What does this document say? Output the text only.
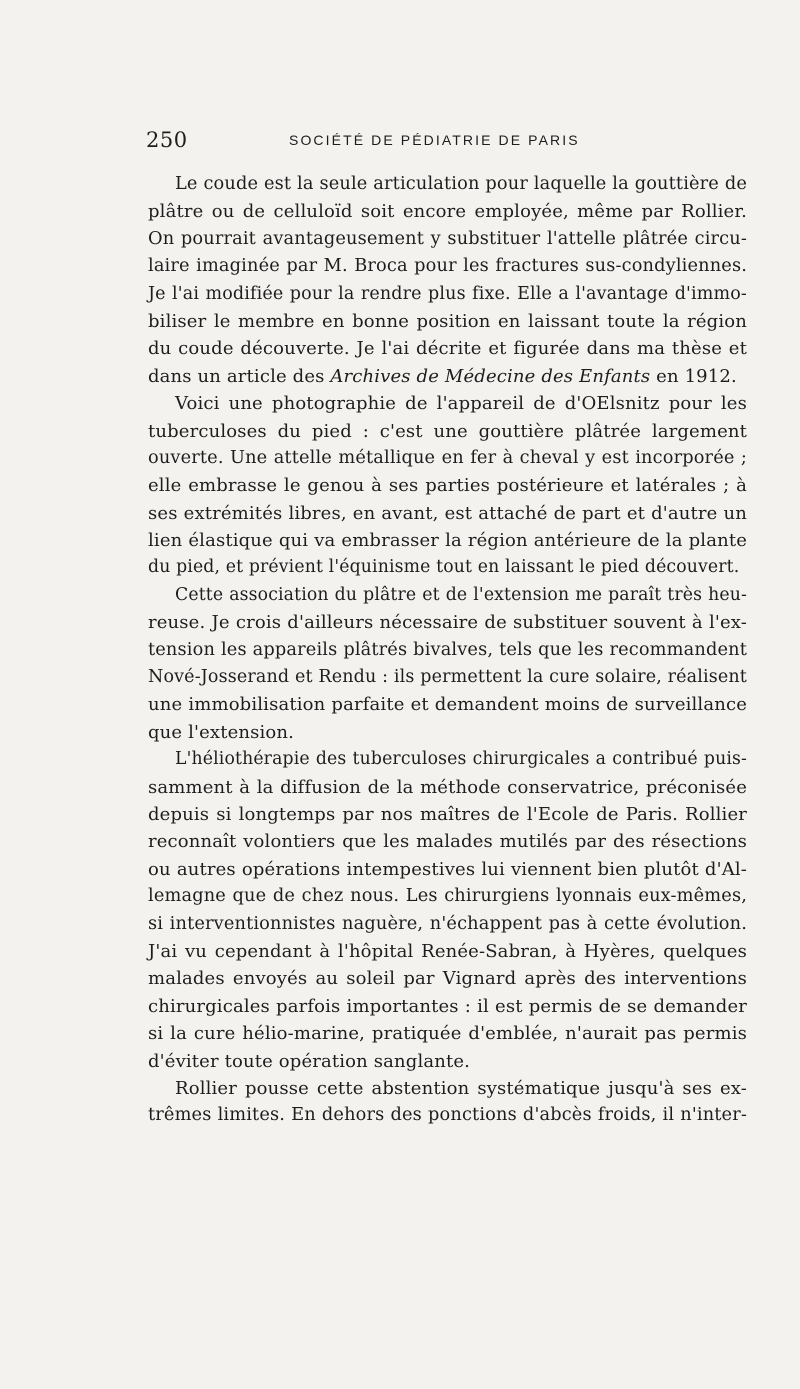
250	SOCIÉTÉ DE PÉDIATRIE DE PARIS
Le coude est la seule articulation pour laquelle la gouttière de
plâtre ou de celluloïd soit encore employée, même par Rollier.
On pourrait avantageusement y substituer l'attelle plâtrée circu-
laire imaginée par M. Broca pour les fractures sus-condyliennes.
Je l'ai modifiée pour la rendre plus fixe. Elle a l'avantage d'immo-
biliser le membre en bonne position en laissant toute la région
du coude découverte. Je l'ai décrite et figurée dans ma thèse et
dans un article des Archives de Médecine des Enfants en 1912.
Voici une photographie de l'appareil de d'OElsnitz pour les
tuberculoses du pied : c'est une gouttière plâtrée largement
ouverte. Une attelle métallique en fer à cheval y est incorporée ;
elle embrasse le genou à ses parties postérieure et latérales ; à
ses extrémités libres, en avant, est attaché de part et d'autre un
lien élastique qui va embrasser la région antérieure de la plante
du pied, et prévient l'équinisme tout en laissant le pied découvert.
Cette association du plâtre et de l'extension me paraît très heu-
reuse. Je crois d'ailleurs nécessaire de substituer souvent à l'ex-
tension les appareils plâtrés bivalves, tels que les recommandent
Nové-Josserand et Rendu : ils permettent la cure solaire, réalisent
une immobilisation parfaite et demandent moins de surveillance
que l'extension.
L'héliothérapie des tuberculoses chirurgicales a contribué puis-
samment à la diffusion de la méthode conservatrice, préconisée
depuis si longtemps par nos maîtres de l'Ecole de Paris. Rollier
reconnaît volontiers que les malades mutilés par des résections
ou autres opérations intempestives lui viennent bien plutôt d'Al-
lemagne que de chez nous. Les chirurgiens lyonnais eux-mêmes,
si interventionnistes naguère, n'échappent pas à cette évolution.
J'ai vu cependant à l'hôpital Renée-Sabran, à Hyères, quelques
malades envoyés au soleil par Vignard après des interventions
chirurgicales parfois importantes : il est permis de se demander
si la cure hélio-marine, pratiquée d'emblée, n'aurait pas permis
d'éviter toute opération sanglante.
Rollier pousse cette abstention systématique jusqu'à ses ex-
trêmes limites. En dehors des ponctions d'abcès froids, il n'inter-
